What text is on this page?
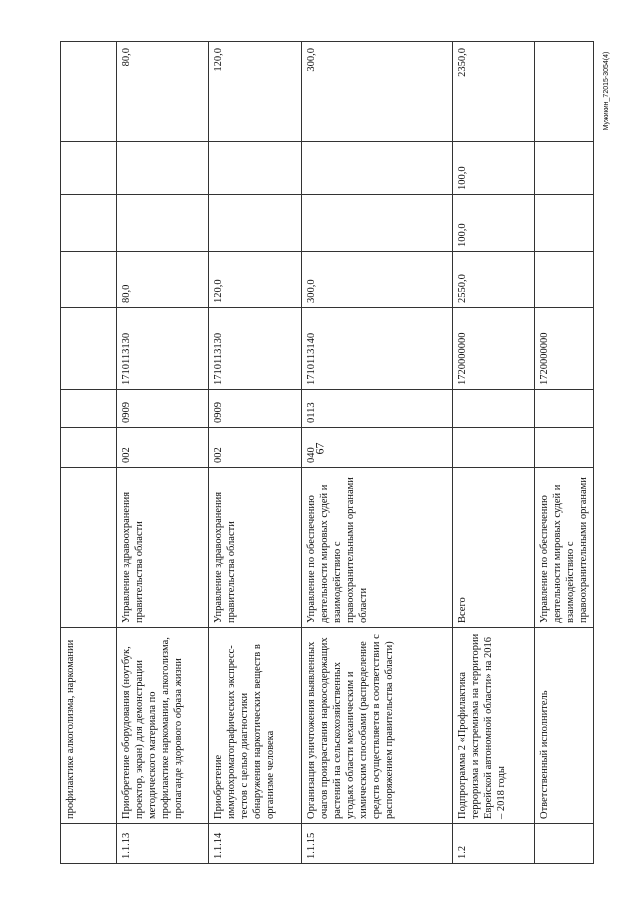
67
Мужикин_72015-3054(4)
	профилактике алкоголизма, наркомании								
1.1.13	Приобретение оборудования (ноутбук, проектор, экран) для демонстрации методического материала по профилактике наркомании, алкоголизма, пропаганде здорового образа жизни	Управление здравоохранения правительства области	002	0909	1710113130	80,0			80,0
1.1.14	Приобретение иммунохроматографических экспресс-тестов с целью диагностики обнаружения наркотических веществ в организме человека	Управление здравоохранения правительства области	002	0909	1710113130	120,0			120,0
1.1.15	Организация уничтожения выявленных очагов произрастания наркосодержащих растений на сельскохозяйственных угодьях области механическим и химическим способами (распределение средств осуществляется в соответствии с распоряжением правительства области)	Управление по обеспечению деятельности мировых судей и взаимодействию с правоохранительными органами области	040	0113	1710113140	300,0			300,0
1.2	Подпрограмма 2 «Профилактика терроризма и экстремизма на территории Еврейской автономной области» на 2016 – 2018 годы	Всего			1720000000	2550,0	100,0	100,0	2350,0
	Ответственный исполнитель	Управление по обеспечению деятельности мировых судей и взаимодействию с правоохранительными органами			1720000000				
